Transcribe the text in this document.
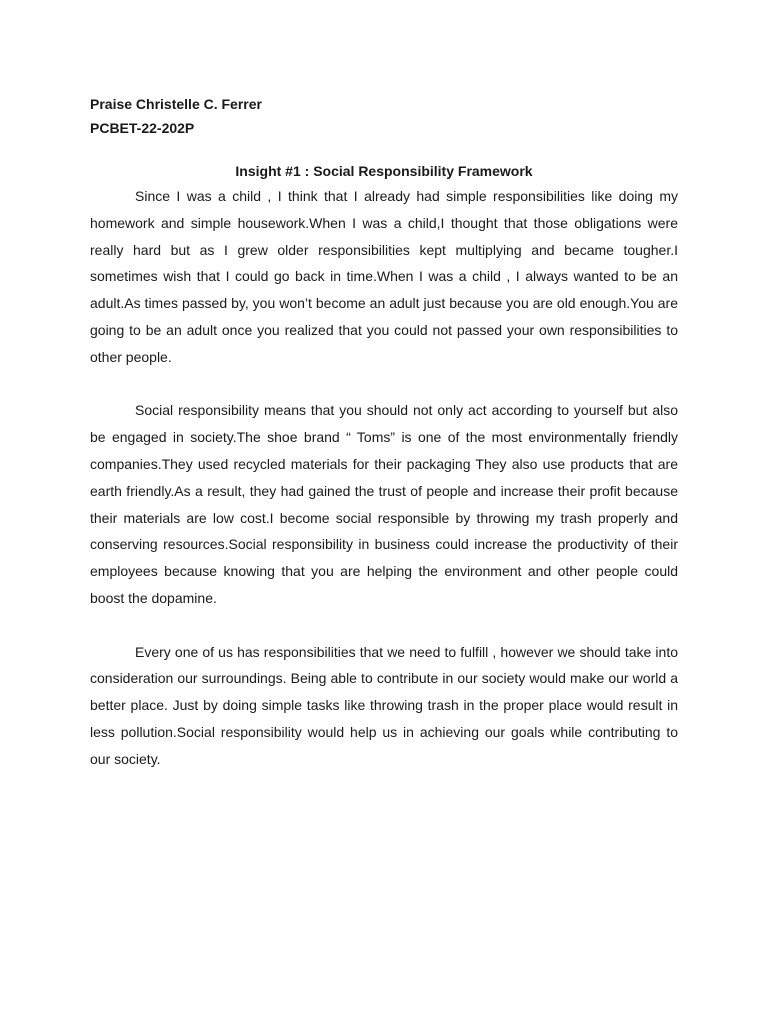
Praise Christelle C. Ferrer

PCBET-22-202P

Insight #1 : Social Responsibility Framework

Since I was a child , I think that I already had simple responsibilities like doing my homework and simple housework.When I was a child,I thought that those obligations were really hard but as I grew older responsibilities kept multiplying and became tougher.I sometimes wish that I could go back in time.When I was a child , I always wanted to be an adult.As times passed by, you won’t become an adult just because you are old enough.You are going to be an adult once you realized that you could not passed your own responsibilities to other people.

Social responsibility means that you should not only act according to yourself but also be engaged in society.The shoe brand “ Toms” is one of the most environmentally friendly companies.They used recycled materials for their packaging They also use products that are earth friendly.As a result, they had gained the trust of people and increase their profit because their materials are low cost.I become social responsible by throwing my trash properly and conserving resources.Social responsibility in business could increase the productivity of their employees because knowing that you are helping the environment and other people could boost the dopamine.

Every one of us has responsibilities that we need to fulfill , however we should take into consideration our surroundings. Being able to contribute in our society would make our world a better place. Just by doing simple tasks like throwing trash in the proper place would result in less pollution.Social responsibility would help us in achieving our goals while contributing to our society.
